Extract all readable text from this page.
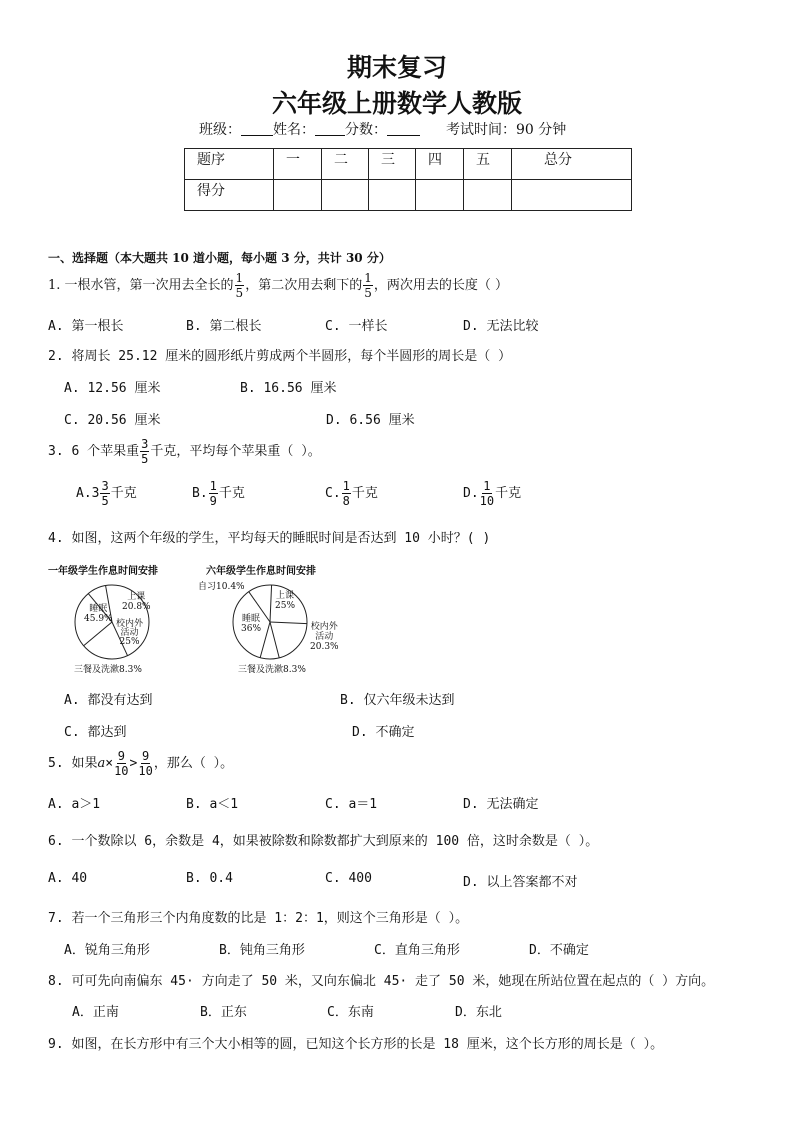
期末复习
六年级上册数学人教版
班级： 姓名： 分数：	考试时间：90 分钟
题序	一	二	三	四	五	总分
得分						
一、选择题（本大题共 10 道小题，每小题 3 分，共计 30 分）
1. 一根水管，第一次用去全长的 $\frac{1}{5}$ ，第二次用去剩下的 $\frac{1}{5}$ ，两次用去的长度（ ）
A. 第一根长	B. 第二根长	C. 一样长	D. 无法比较
2. 将周长 25.12 厘米的圆形纸片剪成两个半圆形，每个半圆形的周长是（ ）
A. 12.56 厘米	B. 16.56 厘米
C. 20.56 厘米	D. 6.56 厘米
3. 6 个苹果重 $\frac{3}{5}$ 千克，平均每个苹果重（ ）。
$A.3 \frac{3}{5}$ 千克	B. $\frac{1}{9}$ 千克	C. $\frac{1}{8}$ 千克	D. $\frac{1}{10}$ 千克
4. 如图，这两个年级的学生，平均每天的睡眠时间是否达到 10 小时？( )
一年级学生作息时间安排	六年级学生作息时间安排
睡眠
45.9%
上课
20.8%
校内外
活动
25%
三餐及洗漱8.3%
自习10.4%
上课
25%
睡眠
36%	校内外
活动
20.3%
三餐及洗漱8.3%
A. 都没有达到	B. 仅六年级未达到
C. 都达到	D. 不确定
5. 如果$a\times \frac{9}{10} > \frac{9}{10}$ ，那么（ ）。
A. a＞1	B. a＜1	C. a＝1	D. 无法确定
6. 一个数除以 6，余数是 4，如果被除数和除数都扩大到原来的 100 倍，这时余数是（ ）。
A. 40	B. 0.4	C. 400	D. 以上答案都不对
7. 若一个三角形三个内角度数的比是 1：2：1，则这个三角形是（ ）。
A．锐角三角形	B．钝角三角形	C．直角三角形	D．不确定
8. 可可先向南偏东 45· 方向走了 50 米，又向东偏北 45· 走了 50 米，她现在所站位置在起点的（ ）方向。
A．正南	B．正东	C．东南	D．东北
9. 如图，在长方形中有三个大小相等的圆，已知这个长方形的长是 18 厘米，这个长方形的周长是（ ）。
